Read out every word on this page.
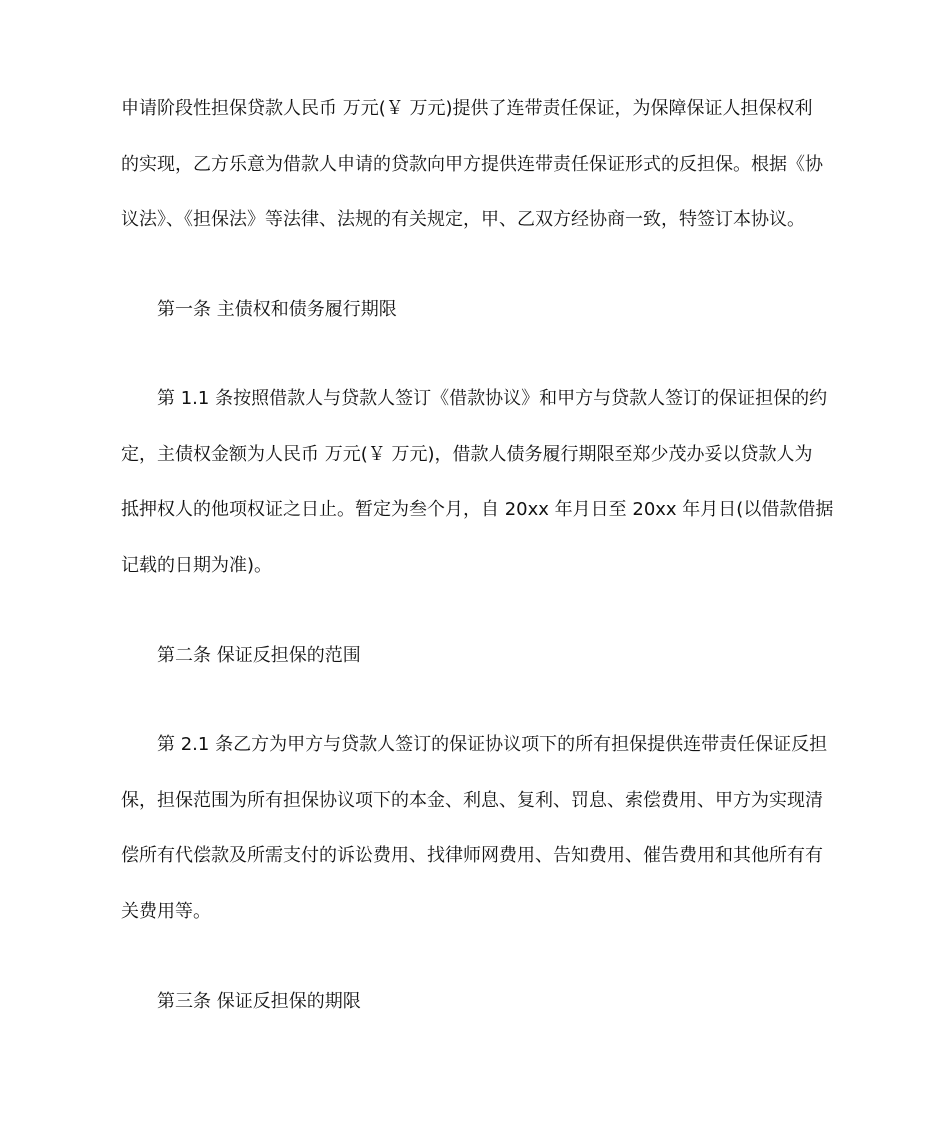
申请阶段性担保贷款人民币 万元(￥ 万元)提供了连带责任保证，为保障保证人担保权利
的实现，乙方乐意为借款人申请的贷款向甲方提供连带责任保证形式的反担保。根据《协
议法》、《担保法》等法律、法规的有关规定，甲、乙双方经协商一致，特签订本协议。
第一条 主债权和债务履行期限
第 1.1 条按照借款人与贷款人签订《借款协议》和甲方与贷款人签订的保证担保的约
定，主债权金额为人民币 万元(￥ 万元)，借款人债务履行期限至郑少茂办妥以贷款人为
抵押权人的他项权证之日止。暂定为叁个月，自 20xx 年月日至 20xx 年月日(以借款借据
记载的日期为准)。
第二条 保证反担保的范围
第 2.1 条乙方为甲方与贷款人签订的保证协议项下的所有担保提供连带责任保证反担
保，担保范围为所有担保协议项下的本金、利息、复利、罚息、索偿费用、甲方为实现清
偿所有代偿款及所需支付的诉讼费用、找律师网费用、告知费用、催告费用和其他所有有
关费用等。
第三条 保证反担保的期限
